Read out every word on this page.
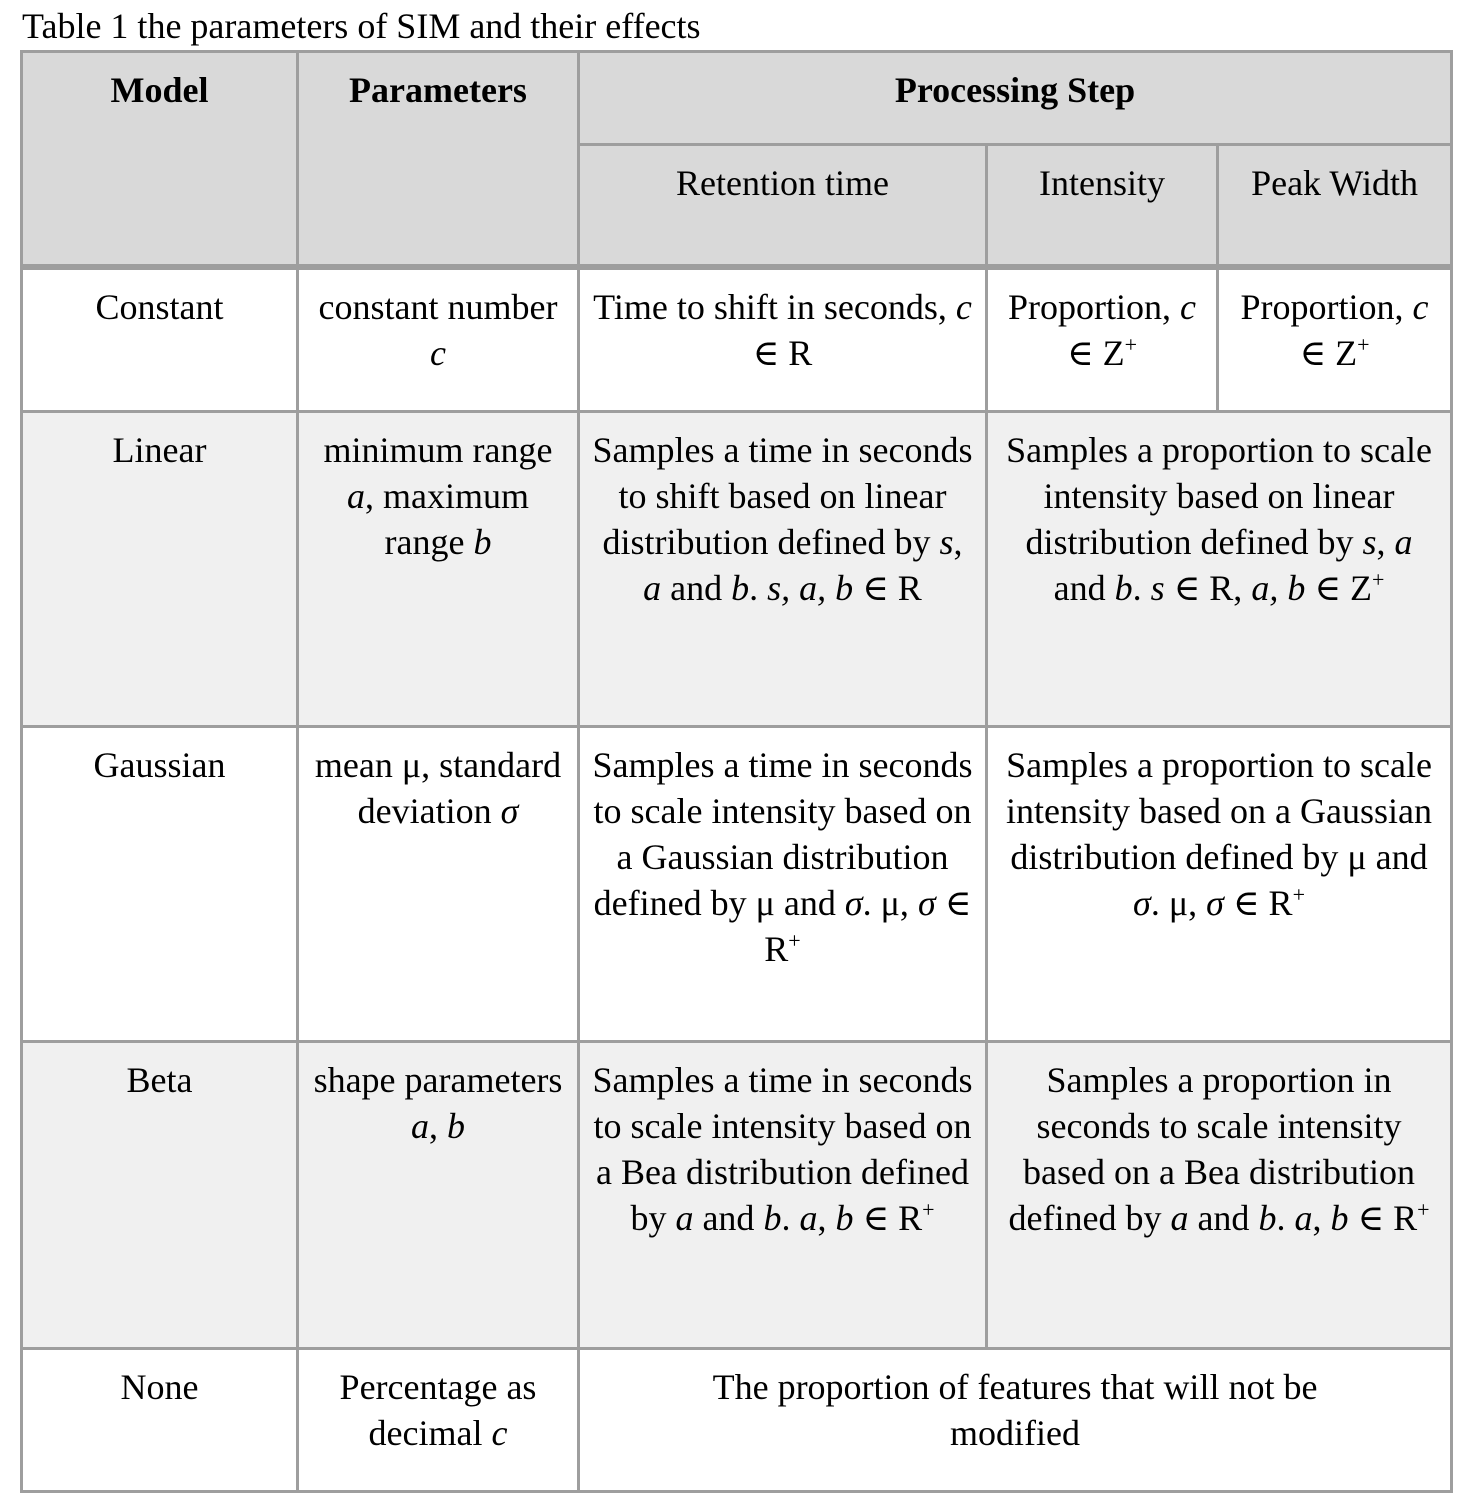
Table 1 the parameters of SIM and their effects
Model	Parameters	Processing Step		
		Retention time	Intensity	Peak Width
Constant	constant number c	Time to shift in seconds, c ∈ R	Proportion, c ∈ Z+	Proportion, c ∈ Z+
Linear	minimum range a, maximum range b	Samples a time in seconds to shift based on linear distribution defined by s, a and b. s, a, b ∈ R	Samples a proportion to scale intensity based on linear distribution defined by s, a and b. s ∈ R, a, b ∈ Z+
Gaussian	mean μ, standard deviation σ	Samples a time in seconds to scale intensity based on a Gaussian distribution defined by μ and σ. μ, σ ∈ R+	Samples a proportion to scale intensity based on a Gaussian distribution defined by μ and σ. μ, σ ∈ R+
Beta	shape parameters a, b	Samples a time in seconds to scale intensity based on a Bea distribution defined by a and b. a, b ∈ R+	Samples a proportion in seconds to scale intensity based on a Bea distribution defined by a and b. a, b ∈ R+
None	Percentage as decimal c	The proportion of features that will not be modified		
